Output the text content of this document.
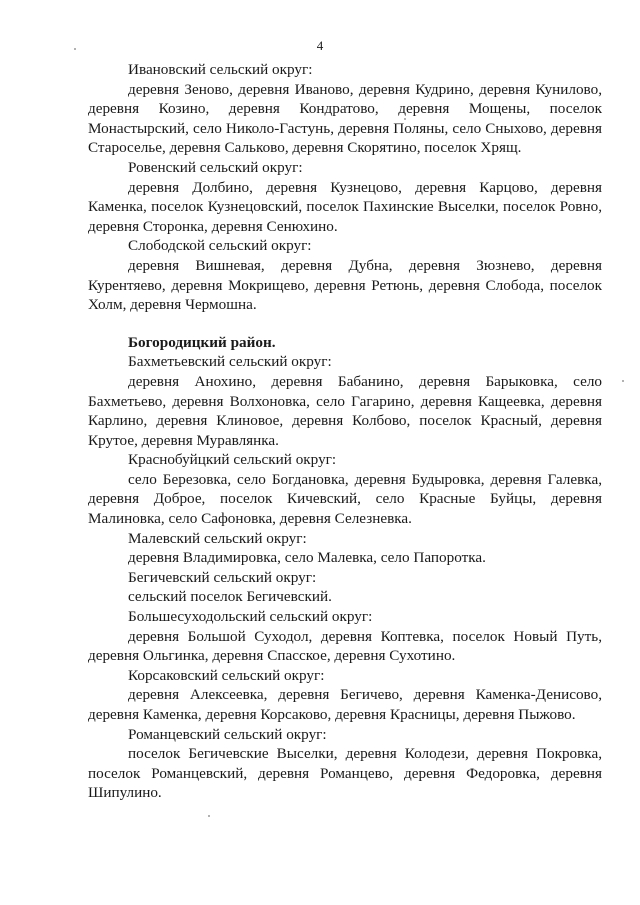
4

Ивановский сельский округ:

деревня Зеново, деревня Иваново, деревня Кудрино, деревня Кунилово, деревня Козино, деревня Кондратово, деревня Мощены, поселок Монастырский, село Николо-Гастунь, деревня Поляны, село Сныхово, деревня Староселье, деревня Сальково, деревня Скорятино, поселок Хрящ.

Ровенский сельский округ:

деревня Долбино, деревня Кузнецово, деревня Карцово, деревня Каменка, поселок Кузнецовский, поселок Пахинские Выселки, поселок Ровно, деревня Сторонка, деревня Сенюхино.

Слободской сельский округ:

деревня Вишневая, деревня Дубна, деревня Зюзнево, деревня Курентяево, деревня Мокрищево, деревня Ретюнь, деревня Слобода, поселок Холм, деревня Чермошна.

Богородицкий район.

Бахметьевский сельский округ:

деревня Анохино, деревня Бабанино, деревня Барыковка, село Бахметьево, деревня Волхоновка, село Гагарино, деревня Кащеевка, деревня Карлино, деревня Клиновое, деревня Колбово, поселок Красный, деревня Крутое, деревня Муравлянка.

Краснобуйцкий сельский округ:

село Березовка, село Богдановка, деревня Будыровка, деревня Галевка, деревня Доброе, поселок Кичевский, село Красные Буйцы, деревня Малиновка, село Сафоновка, деревня Селезневка.

Малевский сельский округ:

деревня Владимировка, село Малевка, село Папоротка.

Бегичевский сельский округ:

сельский поселок Бегичевский.

Большесуходольский сельский округ:

деревня Большой Суходол, деревня Коптевка, поселок Новый Путь, деревня Ольгинка, деревня Спасское, деревня Сухотино.

Корсаковский сельский округ:

деревня Алексеевка, деревня Бегичево, деревня Каменка-Денисово, деревня Каменка, деревня Корсаково, деревня Красницы, деревня Пыжово.

Романцевский сельский округ:

поселок Бегичевские Выселки, деревня Колодези, деревня Покровка, поселок Романцевский, деревня Романцево, деревня Федоровка, деревня Шипулино.
